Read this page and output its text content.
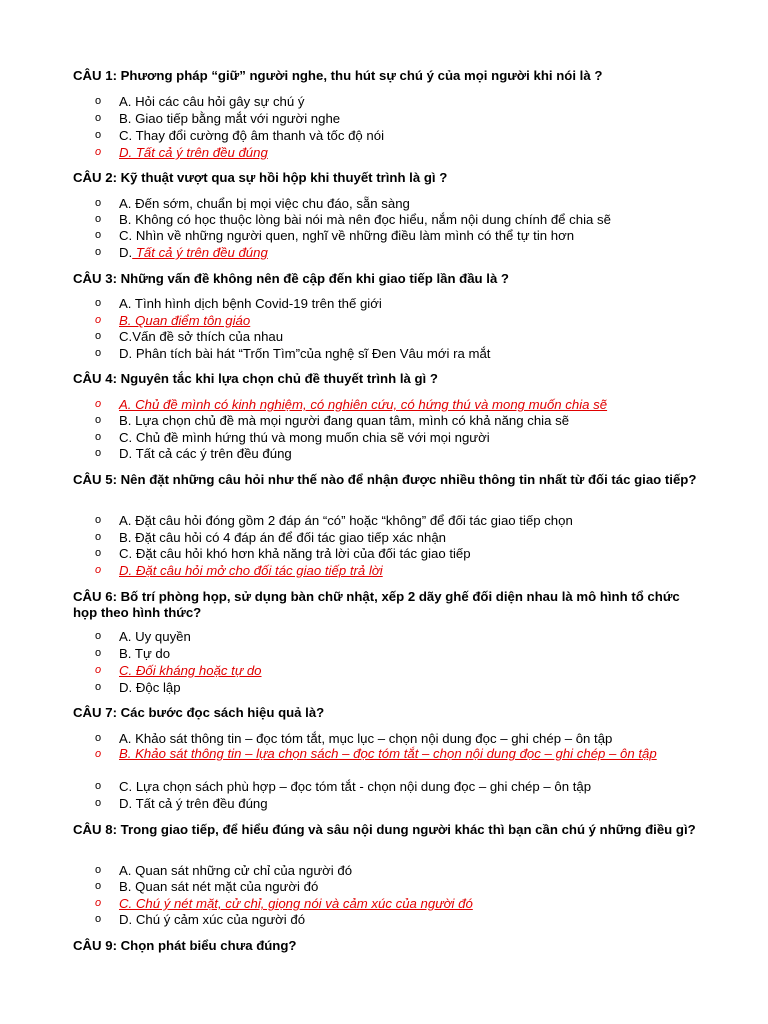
CÂU 1: Phương pháp “giữ” người nghe, thu hút sự chú ý của mọi người khi nói là ?
o A. Hỏi các câu hỏi gây sự chú ý
o B. Giao tiếp bằng mắt với người nghe
o C. Thay đổi cường độ âm thanh và tốc độ nói
o D. Tất cả ý trên đều đúng
CÂU 2: Kỹ thuật vượt qua sự hồi hộp khi thuyết trình là gì ?
o A. Đến sớm, chuẩn bị mọi việc chu đáo, sẵn sàng
o B. Không có học thuộc lòng bài nói mà nên đọc hiểu, nắm nội dung chính để chia sẽ
o C. Nhìn về những người quen, nghĩ về những điều làm mình có thể tự tin hơn
o D. Tất cả ý trên đều đúng
CÂU 3: Những vấn đề không nên đề cập đến khi giao tiếp lần đầu là ?
o A. Tình hình dịch bệnh Covid-19 trên thế giới
o B. Quan điểm tôn giáo
o C.Vấn đề sở thích của nhau
o D. Phân tích bài hát “Trốn Tìm”của nghệ sĩ Đen Vâu mới ra mắt
CÂU 4: Nguyên tắc khi lựa chọn chủ đề thuyết trình là gì ?
o A. Chủ đề mình có kinh nghiệm, có nghiên cứu, có hứng thú và mong muốn chia sẽ
o B. Lựa chọn chủ đề mà mọi người đang quan tâm, mình có khả năng chia sẽ
o C. Chủ đề mình hứng thú và mong muốn chia sẽ với mọi người
o D. Tất cả các ý trên đều đúng
CÂU 5: Nên đặt những câu hỏi như thế nào để nhận được nhiều thông tin nhất từ đối tác giao tiếp?
o A. Đặt câu hỏi đóng gồm 2 đáp án “có” hoặc “không” để đối tác giao tiếp chọn
o B. Đặt câu hỏi có 4 đáp án để đối tác giao tiếp xác nhận
o C. Đặt câu hỏi khó hơn khả năng trả lời của đối tác giao tiếp
o D. Đặt câu hỏi mở cho đối tác giao tiếp trả lời
CÂU 6: Bố trí phòng họp, sử dụng bàn chữ nhật, xếp 2 dãy ghế đối diện nhau là mô hình tổ chức họp theo hình thức?
o A. Uy quyền
o B. Tự do
o C. Đối kháng hoặc tự do
o D. Độc lập
CÂU 7: Các bước đọc sách hiệu quả là?
o A. Khảo sát thông tin – đọc tóm tắt, mục lục – chọn nội dung đọc – ghi chép – ôn tập
o B. Khảo sát thông tin – lựa chọn sách – đọc tóm tắt – chọn nội dung đọc – ghi chép – ôn tập
o C. Lựa chọn sách phù hợp – đọc tóm tắt - chọn nội dung đọc – ghi chép – ôn tập
o D. Tất cả ý trên đều đúng
CÂU 8: Trong giao tiếp, để hiểu đúng và sâu nội dung người khác thì bạn cần chú ý những điều gì?
o A. Quan sát những cử chỉ của người đó
o B. Quan sát nét mặt của người đó
o C. Chú ý nét mặt, cử chỉ, giọng nói và cảm xúc của người đó
o D. Chú ý cảm xúc của người đó
CÂU 9: Chọn phát biểu chưa đúng?
